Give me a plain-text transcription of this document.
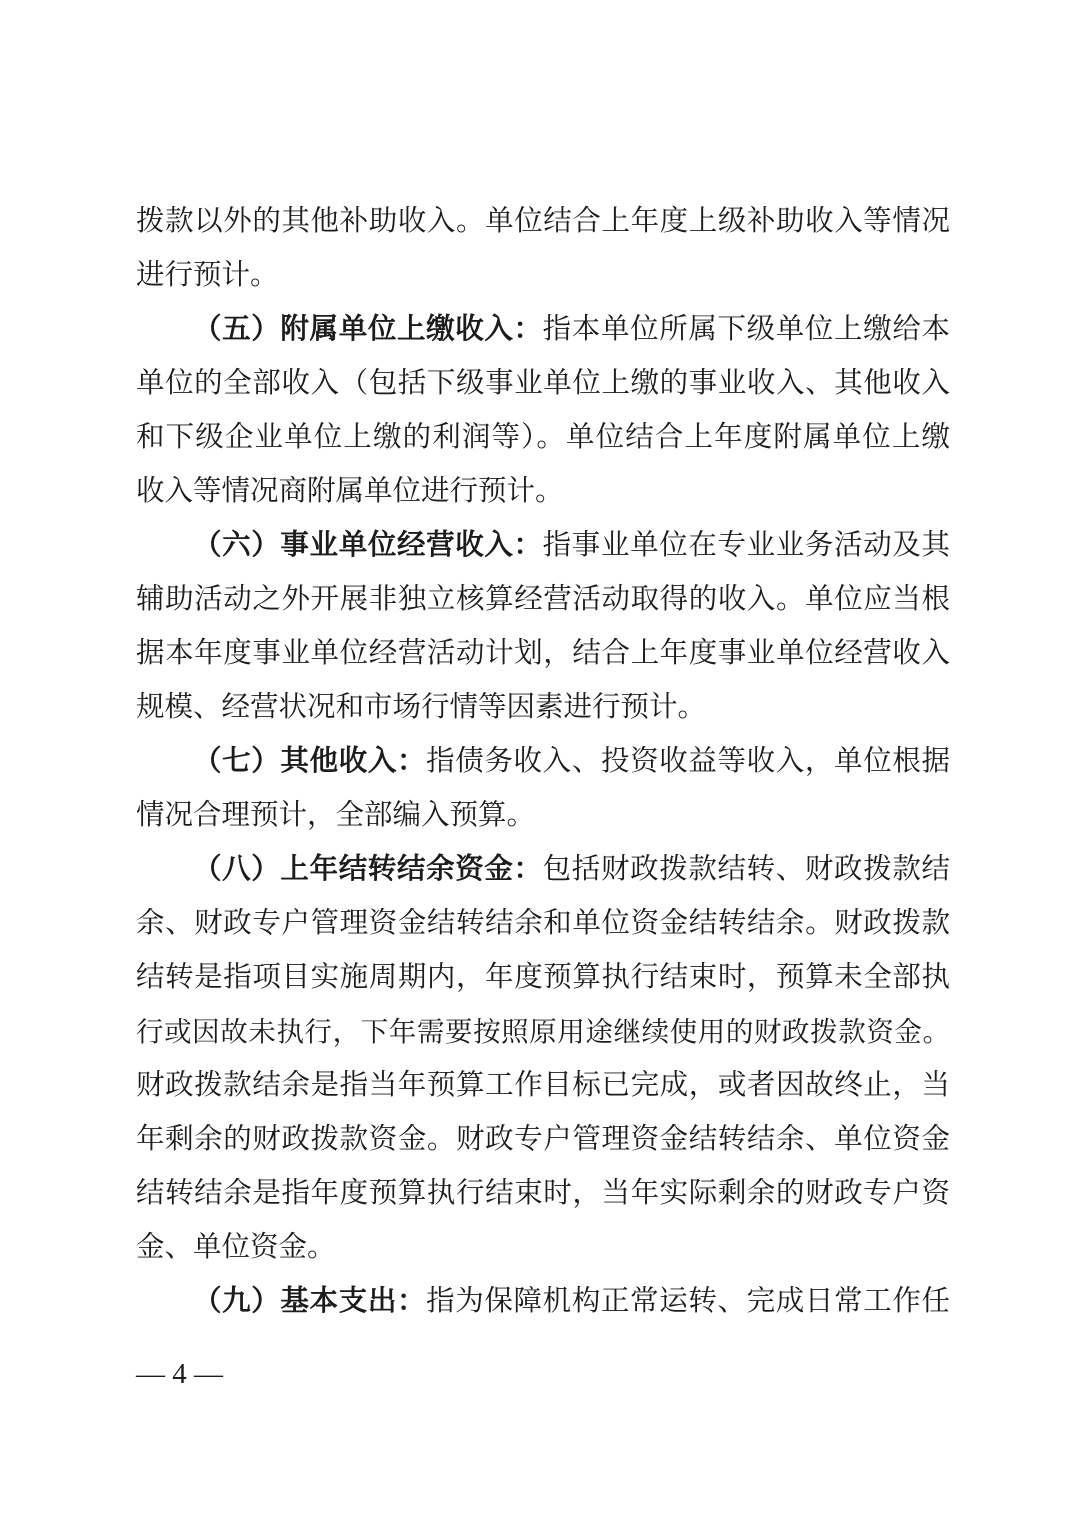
拨款以外的其他补助收入。单位结合上年度上级补助收入等情况
进行预计。
（五）附属单位上缴收入：指本单位所属下级单位上缴给本
单位的全部收入（包括下级事业单位上缴的事业收入、其他收入
和下级企业单位上缴的利润等）。单位结合上年度附属单位上缴
收入等情况商附属单位进行预计。
（六）事业单位经营收入：指事业单位在专业业务活动及其
辅助活动之外开展非独立核算经营活动取得的收入。单位应当根
据本年度事业单位经营活动计划，结合上年度事业单位经营收入
规模、经营状况和市场行情等因素进行预计。
（七）其他收入：指债务收入、投资收益等收入，单位根据
情况合理预计，全部编入预算。
（八）上年结转结余资金：包括财政拨款结转、财政拨款结
余、财政专户管理资金结转结余和单位资金结转结余。财政拨款
结转是指项目实施周期内，年度预算执行结束时，预算未全部执
行或因故未执行，下年需要按照原用途继续使用的财政拨款资金。
财政拨款结余是指当年预算工作目标已完成，或者因故终止，当
年剩余的财政拨款资金。财政专户管理资金结转结余、单位资金
结转结余是指年度预算执行结束时，当年实际剩余的财政专户资
金、单位资金。
（九）基本支出：指为保障机构正常运转、完成日常工作任
— 4 —
